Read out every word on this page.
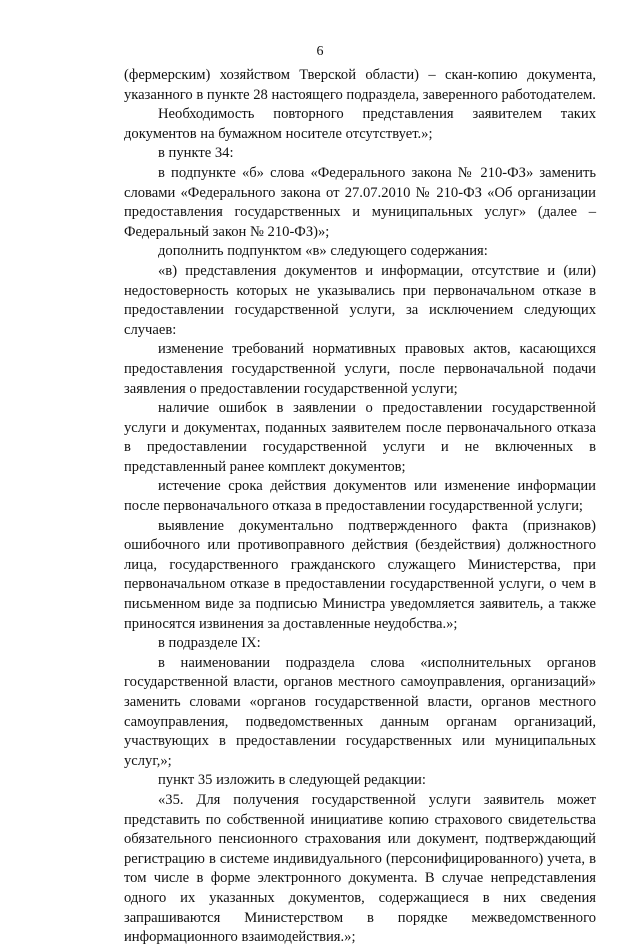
6

(фермерским) хозяйством Тверской области) – скан-копию документа, указанного в пункте 28 настоящего подраздела, заверенного работодателем.

Необходимость повторного представления заявителем таких документов на бумажном носителе отсутствует.»;

в пункте 34:

в подпункте «б» слова «Федерального закона № 210-ФЗ» заменить словами «Федерального закона от 27.07.2010 № 210-ФЗ «Об организации предоставления государственных и муниципальных услуг» (далее – Федеральный закон № 210-ФЗ)»;

дополнить подпунктом «в» следующего содержания:

«в) представления документов и информации, отсутствие и (или) недостоверность которых не указывались при первоначальном отказе в предоставлении государственной услуги, за исключением следующих случаев:

изменение требований нормативных правовых актов, касающихся предоставления государственной услуги, после первоначальной подачи заявления о предоставлении государственной услуги;

наличие ошибок в заявлении о предоставлении государственной услуги и документах, поданных заявителем после первоначального отказа в предоставлении государственной услуги и не включенных в представленный ранее комплект документов;

истечение срока действия документов или изменение информации после первоначального отказа в предоставлении государственной услуги;

выявление документально подтвержденного факта (признаков) ошибочного или противоправного действия (бездействия) должностного лица, государственного гражданского служащего Министерства, при первоначальном отказе в предоставлении государственной услуги, о чем в письменном виде за подписью Министра уведомляется заявитель, а также приносятся извинения за доставленные неудобства.»;

в подразделе IX:

в наименовании подраздела слова «исполнительных органов государственной власти, органов местного самоуправления, организаций» заменить словами «органов государственной власти, органов местного самоуправления, подведомственных данным органам организаций, участвующих в предоставлении государственных или муниципальных услуг,»;

пункт 35 изложить в следующей редакции:

«35. Для получения государственной услуги заявитель может представить по собственной инициативе копию страхового свидетельства обязательного пенсионного страхования или документ, подтверждающий регистрацию в системе индивидуального (персонифицированного) учета, в том числе в форме электронного документа. В случае непредставления одного их указанных документов, содержащиеся в них сведения запрашиваются Министерством в порядке межведомственного информационного взаимодействия.»;
